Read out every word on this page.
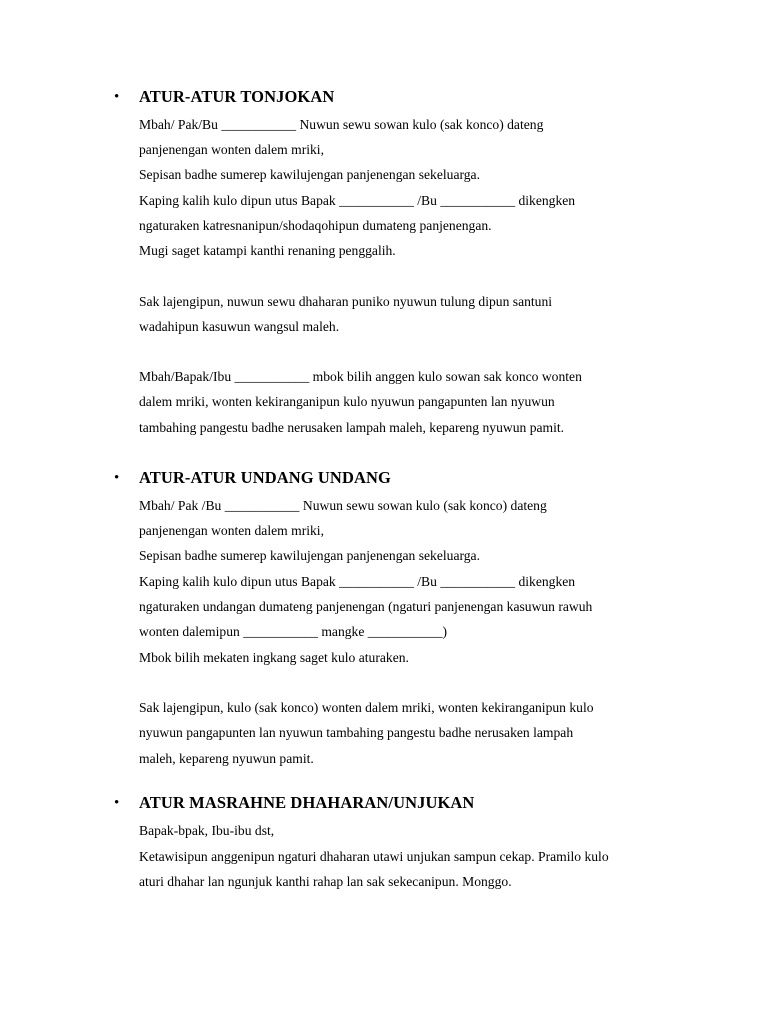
• ATUR-ATUR TONJOKAN
Mbah/ Pak/Bu ___________ Nuwun sewu sowan kulo (sak konco) dateng
panjenengan wonten dalem mriki,
Sepisan badhe sumerep kawilujengan panjenengan sekeluarga.
Kaping kalih kulo dipun utus Bapak ___________ /Bu ___________ dikengken
ngaturaken katresnanipun/shodaqohipun dumateng panjenengan.
Mugi saget katampi kanthi renaning penggalih.
Sak lajengipun, nuwun sewu dhaharan puniko nyuwun tulung dipun santuni
wadahipun kasuwun wangsul maleh.
Mbah/Bapak/Ibu ___________ mbok bilih anggen kulo sowan sak konco wonten
dalem mriki, wonten kekiranganipun kulo nyuwun pangapunten lan nyuwun
tambahing pangestu badhe nerusaken lampah maleh, kepareng nyuwun pamit.
• ATUR-ATUR UNDANG UNDANG
Mbah/ Pak /Bu ___________ Nuwun sewu sowan kulo (sak konco) dateng
panjenengan wonten dalem mriki,
Sepisan badhe sumerep kawilujengan panjenengan sekeluarga.
Kaping kalih kulo dipun utus Bapak ___________ /Bu ___________ dikengken
ngaturaken undangan dumateng panjenengan (ngaturi panjenengan kasuwun rawuh
wonten dalemipun ___________ mangke ___________)
Mbok bilih mekaten ingkang saget kulo aturaken.
Sak lajengipun, kulo (sak konco) wonten dalem mriki, wonten kekiranganipun kulo
nyuwun pangapunten lan nyuwun tambahing pangestu badhe nerusaken lampah
maleh, kepareng nyuwun pamit.
• ATUR MASRAHNE DHAHARAN/UNJUKAN
Bapak-bpak, Ibu-ibu dst,
Ketawisipun anggenipun ngaturi dhaharan utawi unjukan sampun cekap. Pramilo kulo
aturi dhahar lan ngunjuk kanthi rahap lan sak sekecanipun. Monggo.
